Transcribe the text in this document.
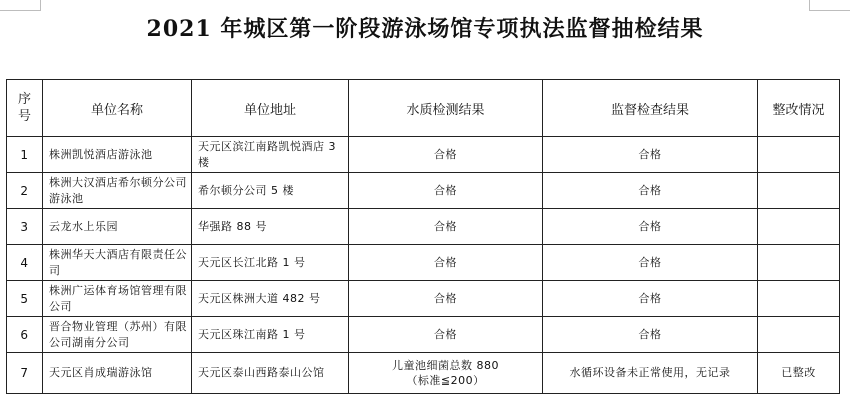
2021 年城区第一阶段游泳场馆专项执法监督抽检结果
序号	单位名称	单位地址	水质检测结果	监督检查结果	整改情况
1	株洲凯悦酒店游泳池	天元区滨江南路凯悦酒店 3 楼	合格	合格	
2	株洲大汉酒店希尔顿分公司游泳池	希尔顿分公司 5 楼	合格	合格	
3	云龙水上乐园	华强路 88 号	合格	合格	
4	株洲华天大酒店有限责任公司	天元区长江北路 1 号	合格	合格	
5	株洲广运体育场馆管理有限公司	天元区株洲大道 482 号	合格	合格	
6	晋合物业管理（苏州）有限公司湖南分公司	天元区珠江南路 1 号	合格	合格	
7	天元区肖成瑞游泳馆	天元区泰山西路泰山公馆	儿童池细菌总数 880
（标准≦200）	水循环设备未正常使用，无记录	已整改
